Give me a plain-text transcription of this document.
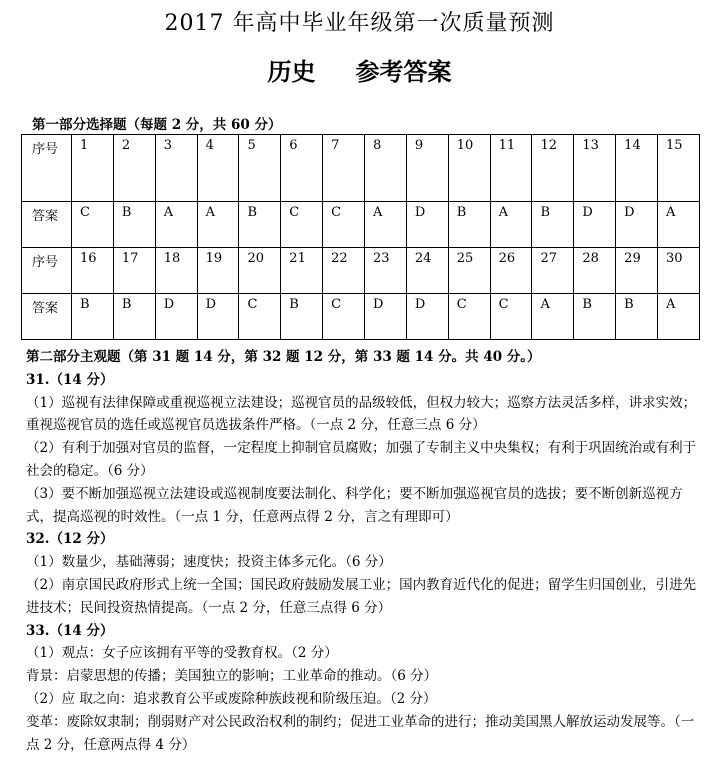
2017 年高中毕业年级第一次质量预测
历史 参考答案
第一部分选择题（每题 2 分，共 60 分）
序号	1	2	3	4	5	6	7	8	9	10	11	12	13	14	15
答案	C	B	A	A	B	C	C	A	D	B	A	B	D	D	A
序号	16	17	18	19	20	21	22	23	24	25	26	27	28	29	30
答案	B	B	D	D	C	B	C	D	D	C	C	A	B	B	A

第二部分主观题（第 31 题 14 分，第 32 题 12 分，第 33 题 14 分。共 40 分。）

31.（14 分）

（1）巡视有法律保障或重视巡视立法建设；巡视官员的品级较低，但权力较大；巡察方法灵活多样，讲求实效；重视巡视官员的选任或巡视官员选拔条件严格。（一点 2 分，任意三点 6 分）

（2）有利于加强对官员的监督，一定程度上抑制官员腐败；加强了专制主义中央集权；有利于巩固统治或有利于社会的稳定。（6 分）

（3）要不断加强巡视立法建设或巡视制度要法制化、科学化；要不断加强巡视官员的选拔；要不断创新巡视方式，提高巡视的时效性。（一点 1 分，任意两点得 2 分，言之有理即可）

32.（12 分）

（1）数量少，基础薄弱；速度快；投资主体多元化。（6 分）

（2）南京国民政府形式上统一全国；国民政府鼓励发展工业；国内教育近代化的促进；留学生归国创业，引进先进技术；民间投资热情提高。（一点 2 分，任意三点得 6 分）

33.（14 分）

（1）观点：女子应该拥有平等的受教育权。（2 分）

背景：启蒙思想的传播；美国独立的影响；工业革命的推动。（6 分）

（2）应 取之向：追求教育公平或废除种族歧视和阶级压迫。（2 分）

变革：废除奴隶制；削弱财产对公民政治权利的制约；促进工业革命的进行；推动美国黑人解放运动发展等。（一点 2 分，任意两点得 4 分）
